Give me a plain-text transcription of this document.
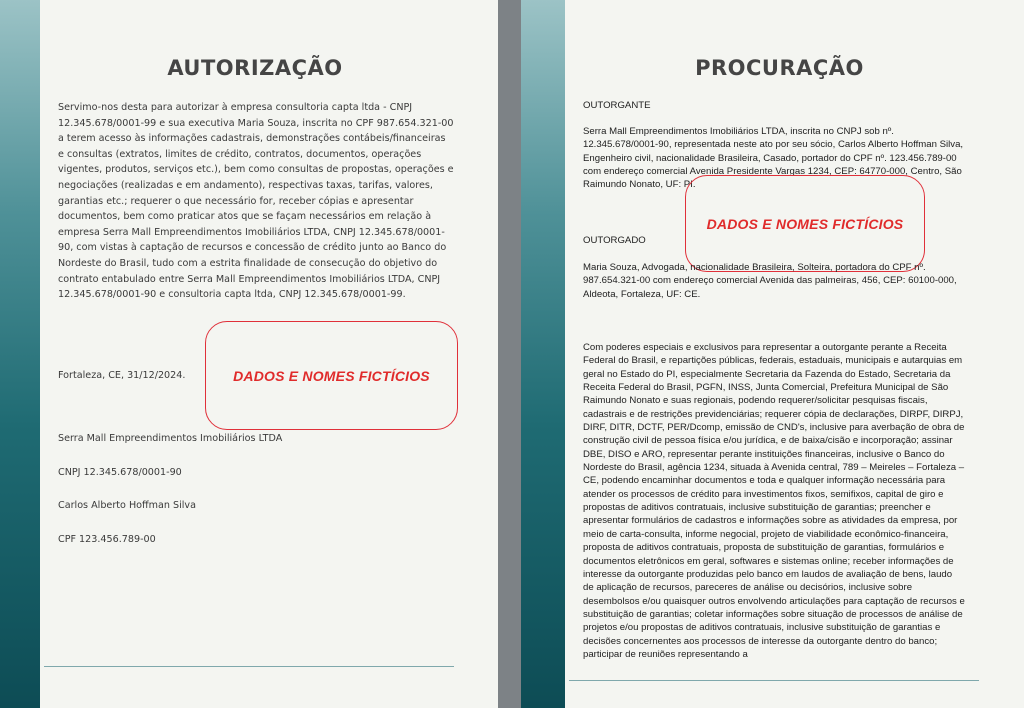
AUTORIZAÇÃO

Servimo-nos desta para autorizar à empresa consultoria capta ltda - CNPJ 12.345.678/0001-99 e sua executiva Maria Souza, inscrita no CPF 987.654.321-00 a terem acesso às informações cadastrais, demonstrações contábeis/financeiras e consultas (extratos, limites de crédito, contratos, documentos, operações vigentes, produtos, serviços etc.), bem como consultas de propostas, operações e negociações (realizadas e em andamento), respectivas taxas, tarifas, valores, garantias etc.; requerer o que necessário for, receber cópias e apresentar documentos, bem como praticar atos que se façam necessários em relação à empresa Serra Mall Empreendimentos Imobiliários LTDA, CNPJ 12.345.678/0001-90, com vistas à captação de recursos e concessão de crédito junto ao Banco do Nordeste do Brasil, tudo com a estrita finalidade de consecução do objetivo do contrato entabulado entre Serra Mall Empreendimentos Imobiliários LTDA, CNPJ 12.345.678/0001-90 e consultoria capta ltda, CNPJ 12.345.678/0001-99.

Fortaleza, CE, 31/12/2024.	DADOS E NOMES FICTÍCIOS

Serra Mall Empreendimentos Imobiliários LTDA

CNPJ 12.345.678/0001-90

Carlos Alberto Hoffman Silva

CPF 123.456.789-00

PROCURAÇÃO

OUTORGANTE

Serra Mall Empreendimentos Imobiliários LTDA, inscrita no CNPJ sob nº. 12.345.678/0001-90, representada neste ato por seu sócio, Carlos Alberto Hoffman Silva, Engenheiro civil, nacionalidade Brasileira, Casado, portador do CPF nº. 123.456.789-00 com endereço comercial Avenida Presidente Vargas 1234, CEP: 64770-000, Centro, São Raimundo Nonato, UF: PI.

DADOS E NOMES FICTÍCIOS

OUTORGADO

Maria Souza, Advogada, nacionalidade Brasileira, Solteira, portadora do CPF nº. 987.654.321-00 com endereço comercial Avenida das palmeiras, 456, CEP: 60100-000, Aldeota, Fortaleza, UF: CE.

Com poderes especiais e exclusivos para representar a outorgante perante a Receita Federal do Brasil, e repartições públicas, federais, estaduais, municipais e autarquias em geral no Estado do PI, especialmente Secretaria da Fazenda do Estado, Secretaria da Receita Federal do Brasil, PGFN, INSS, Junta Comercial, Prefeitura Municipal de São Raimundo Nonato e suas regionais, podendo requerer/solicitar pesquisas fiscais, cadastrais e de restrições previdenciárias; requerer cópia de declarações, DIRPF, DIRPJ, DIRF, DITR, DCTF, PER/Dcomp, emissão de CND's, inclusive para averbação de obra de construção civil de pessoa física e/ou jurídica, e de baixa/cisão e incorporação; assinar DBE, DISO e ARO, representar perante instituições financeiras, inclusive o Banco do Nordeste do Brasil, agência 1234, situada à Avenida central, 789 – Meireles – Fortaleza – CE, podendo encaminhar documentos e toda e qualquer informação necessária para atender os processos de crédito para investimentos fixos, semifixos, capital de giro e propostas de aditivos contratuais, inclusive substituição de garantias; preencher e apresentar formulários de cadastros e informações sobre as atividades da empresa, por meio de carta-consulta, informe negocial, projeto de viabilidade econômico-financeira, proposta de aditivos contratuais, proposta de substituição de garantias, formulários e documentos eletrônicos em geral, softwares e sistemas online; receber informações de interesse da outorgante produzidas pelo banco em laudos de avaliação de bens, laudo de aplicação de recursos, pareceres de análise ou decisórios, inclusive sobre desembolsos e/ou quaisquer outros envolvendo articulações para captação de recursos e substituição de garantias; coletar informações sobre situação de processos de análise de projetos e/ou propostas de aditivos contratuais, inclusive substituição de garantias e decisões concernentes aos processos de interesse da outorgante dentro do banco; participar de reuniões representando a
